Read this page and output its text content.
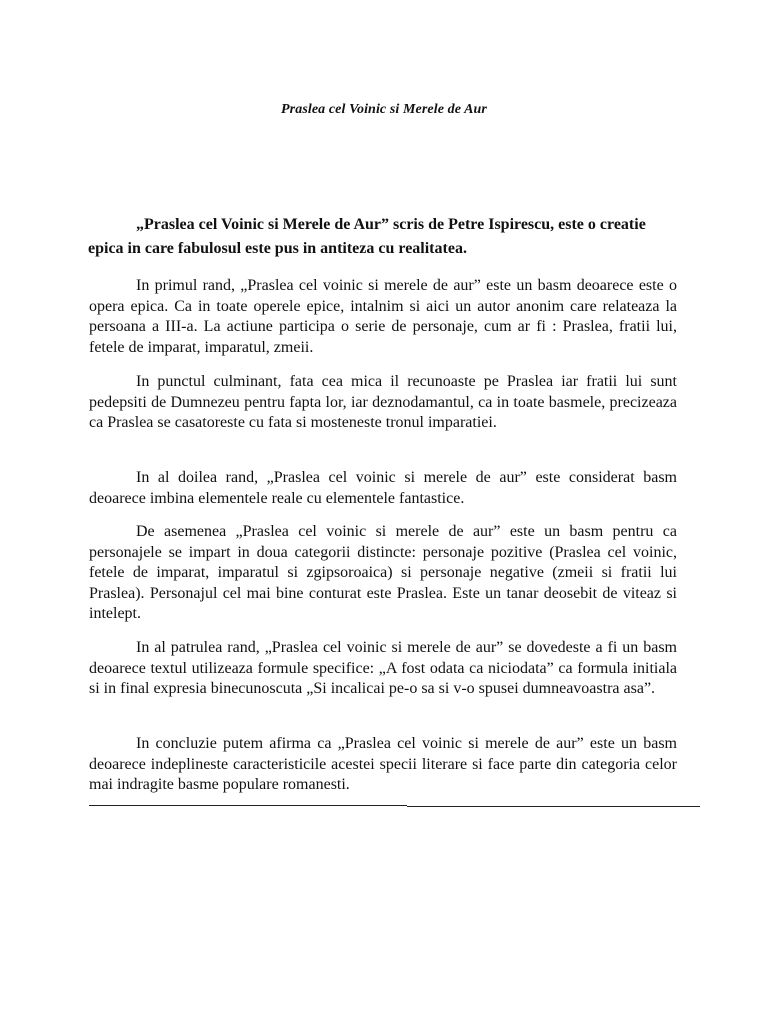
Praslea cel Voinic si Merele de Aur

„Praslea cel Voinic si Merele de Aur” scris de Petre Ispirescu, este o creatie epica in care fabulosul este pus in antiteza cu realitatea.

In primul rand, „Praslea cel voinic si merele de aur” este un basm deoarece este o opera epica. Ca in toate operele epice, intalnim si aici un autor anonim care relateaza la persoana a III-a. La actiune participa o serie de personaje, cum ar fi : Praslea, fratii lui, fetele de imparat, imparatul, zmeii.

In punctul culminant, fata cea mica il recunoaste pe Praslea iar fratii lui sunt pedepsiti de Dumnezeu pentru fapta lor, iar deznodamantul, ca in toate basmele, precizeaza ca Praslea se casatoreste cu fata si mosteneste tronul imparatiei.

In al doilea rand, „Praslea cel voinic si merele de aur” este considerat basm deoarece imbina elementele reale cu elementele fantastice.

De asemenea „Praslea cel voinic si merele de aur” este un basm pentru ca personajele se impart in doua categorii distincte: personaje pozitive (Praslea cel voinic, fetele de imparat, imparatul si zgipsoroaica) si personaje negative (zmeii si fratii lui Praslea). Personajul cel mai bine conturat este Praslea. Este un tanar deosebit de viteaz si intelept.

In al patrulea rand, „Praslea cel voinic si merele de aur” se dovedeste a fi un basm deoarece textul utilizeaza formule specifice: „A fost odata ca niciodata” ca formula initiala si in final expresia binecunoscuta „Si incalicai pe-o sa si v-o spusei dumneavoastra asa”.

In concluzie putem afirma ca „Praslea cel voinic si merele de aur” este un basm deoarece indeplineste caracteristicile acestei specii literare si face parte din categoria celor mai indragite basme populare romanesti.
